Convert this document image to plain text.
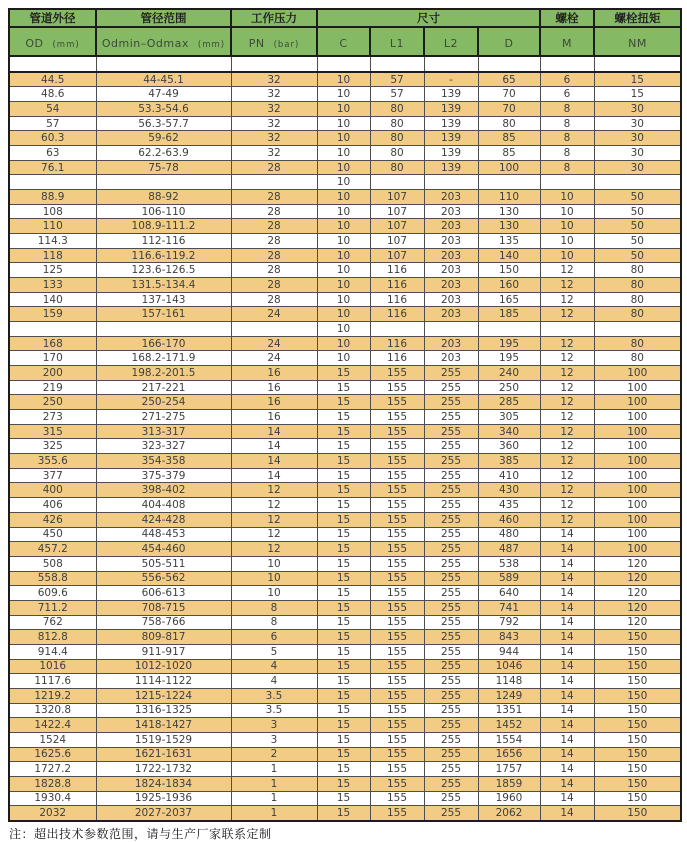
管道外径	管径范围	工作压力	尺寸				螺栓	螺栓扭矩
OD (mm)	Odmin–Odmax (mm)	PN (bar)	C	L1	L2	D	M	NM

44.5	44-45.1	32	10	57	-	65	6	15
48.6	47-49	32	10	57	139	70	6	15
54	53.3-54.6	32	10	80	139	70	8	30
57	56.3-57.7	32	10	80	139	80	8	30
60.3	59-62	32	10	80	139	85	8	30
63	62.2-63.9	32	10	80	139	85	8	30
76.1	75-78	28	10	80	139	100	8	30
			10					
88.9	88-92	28	10	107	203	110	10	50
108	106-110	28	10	107	203	130	10	50
110	108.9-111.2	28	10	107	203	130	10	50
114.3	112-116	28	10	107	203	135	10	50
118	116.6-119.2	28	10	107	203	140	10	50
125	123.6-126.5	28	10	116	203	150	12	80
133	131.5-134.4	28	10	116	203	160	12	80
140	137-143	28	10	116	203	165	12	80
159	157-161	24	10	116	203	185	12	80
			10					
168	166-170	24	10	116	203	195	12	80
170	168.2-171.9	24	10	116	203	195	12	80
200	198.2-201.5	16	15	155	255	240	12	100
219	217-221	16	15	155	255	250	12	100
250	250-254	16	15	155	255	285	12	100
273	271-275	16	15	155	255	305	12	100
315	313-317	14	15	155	255	340	12	100
325	323-327	14	15	155	255	360	12	100
355.6	354-358	14	15	155	255	385	12	100
377	375-379	14	15	155	255	410	12	100
400	398-402	12	15	155	255	430	12	100
406	404-408	12	15	155	255	435	12	100
426	424-428	12	15	155	255	460	12	100
450	448-453	12	15	155	255	480	14	100
457.2	454-460	12	15	155	255	487	14	100
508	505-511	10	15	155	255	538	14	120
558.8	556-562	10	15	155	255	589	14	120
609.6	606-613	10	15	155	255	640	14	120
711.2	708-715	8	15	155	255	741	14	120
762	758-766	8	15	155	255	792	14	120
812.8	809-817	6	15	155	255	843	14	150
914.4	911-917	5	15	155	255	944	14	150
1016	1012-1020	4	15	155	255	1046	14	150
1117.6	1114-1122	4	15	155	255	1148	14	150
1219.2	1215-1224	3.5	15	155	255	1249	14	150
1320.8	1316-1325	3.5	15	155	255	1351	14	150
1422.4	1418-1427	3	15	155	255	1452	14	150
1524	1519-1529	3	15	155	255	1554	14	150
1625.6	1621-1631	2	15	155	255	1656	14	150
1727.2	1722-1732	1	15	155	255	1757	14	150
1828.8	1824-1834	1	15	155	255	1859	14	150
1930.4	1925-1936	1	15	155	255	1960	14	150
2032	2027-2037	1	15	155	255	2062	14	150
注：超出技术参数范围，请与生产厂家联系定制
